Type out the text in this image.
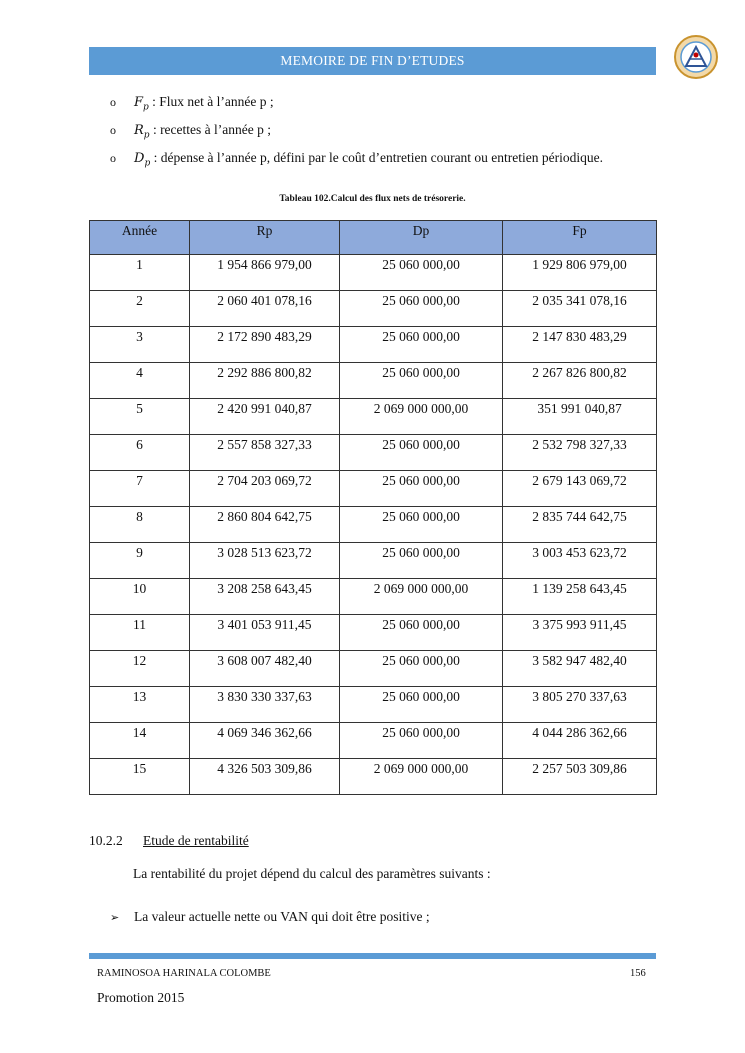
MEMOIRE DE FIN D’ETUDES
o $F_p$ : Flux net à l’année p ;
o $R_p$ : recettes à l’année p ;
o $D_p$ : dépense à l’année p, défini par le coût d’entretien courant ou entretien périodique.
Tableau 102.Calcul des flux nets de trésorerie.
Année	Rp	Dp	Fp
1	1 954 866 979,00	25 060 000,00	1 929 806 979,00
2	2 060 401 078,16	25 060 000,00	2 035 341 078,16
3	2 172 890 483,29	25 060 000,00	2 147 830 483,29
4	2 292 886 800,82	25 060 000,00	2 267 826 800,82
5	2 420 991 040,87	2 069 000 000,00	351 991 040,87
6	2 557 858 327,33	25 060 000,00	2 532 798 327,33
7	2 704 203 069,72	25 060 000,00	2 679 143 069,72
8	2 860 804 642,75	25 060 000,00	2 835 744 642,75
9	3 028 513 623,72	25 060 000,00	3 003 453 623,72
10	3 208 258 643,45	2 069 000 000,00	1 139 258 643,45
11	3 401 053 911,45	25 060 000,00	3 375 993 911,45
12	3 608 007 482,40	25 060 000,00	3 582 947 482,40
13	3 830 330 337,63	25 060 000,00	3 805 270 337,63
14	4 069 346 362,66	25 060 000,00	4 044 286 362,66
15	4 326 503 309,86	2 069 000 000,00	2 257 503 309,86
10.2.2 Etude de rentabilité
La rentabilité du projet dépend du calcul des paramètres suivants :
➢ La valeur actuelle nette ou VAN qui doit être positive ;
RAMINOSOA HARINALA COLOMBE	156
Promotion 2015
